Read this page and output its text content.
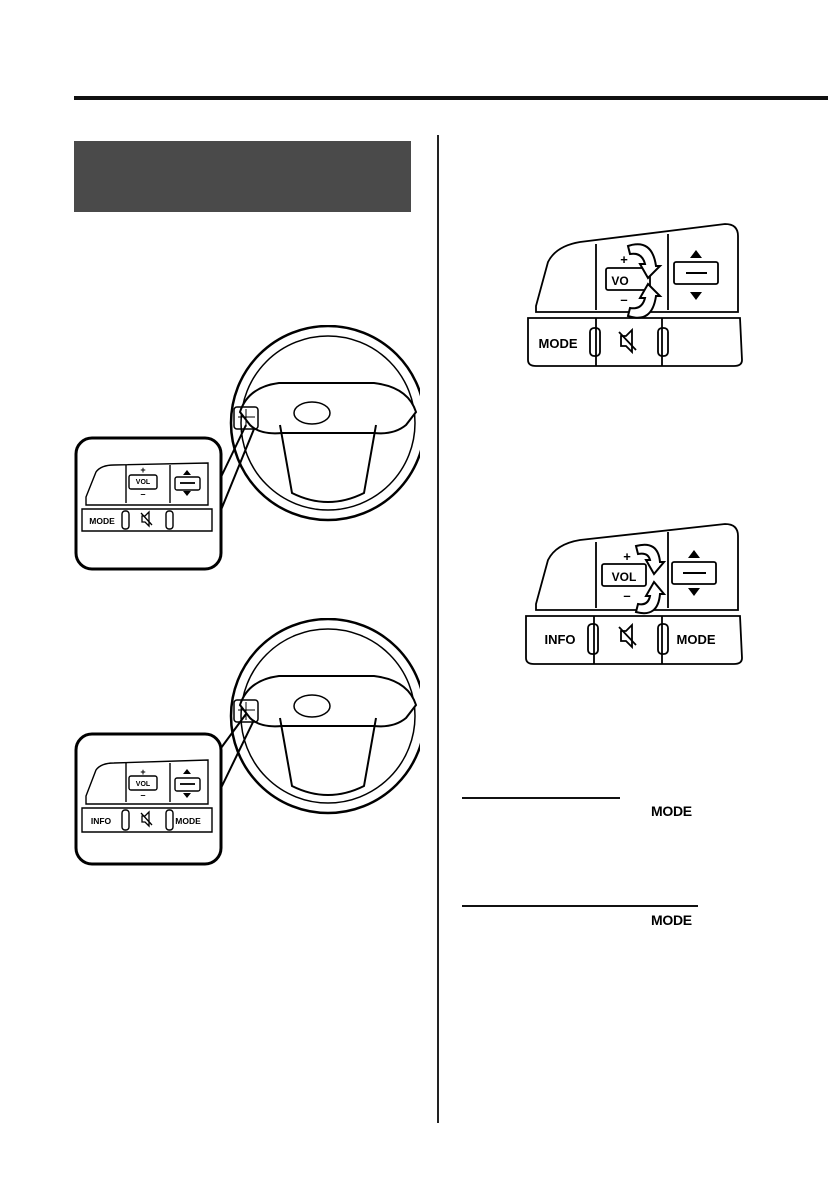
VOL
+
–
MODE
VOL
+
–
INFO	MODE
VO
+
–
MODE
VOL
+
–
INFO	MODE
MODE
MODE
